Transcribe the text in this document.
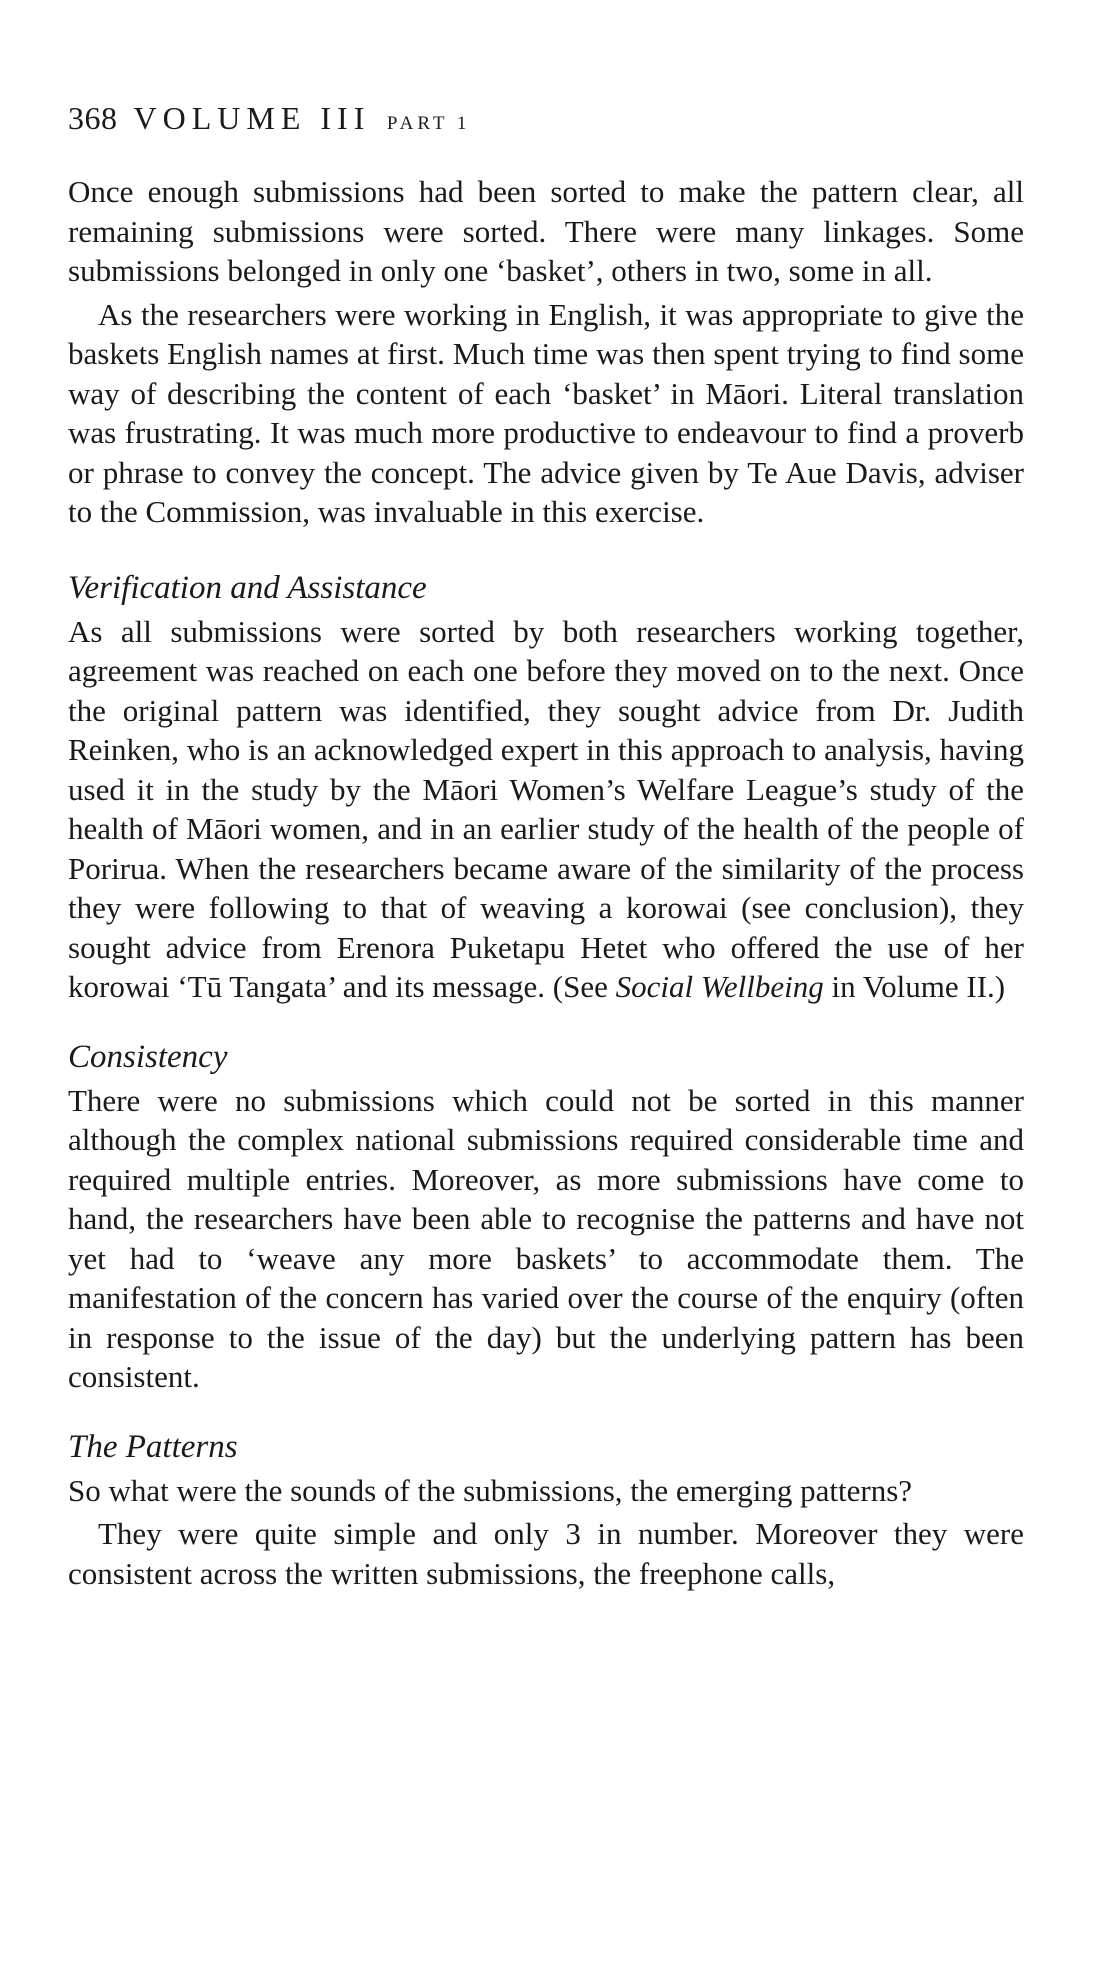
368 VOLUME III PART 1

Once enough submissions had been sorted to make the pattern clear, all remaining submissions were sorted. There were many linkages. Some submissions belonged in only one ‘basket’, others in two, some in all.

As the researchers were working in English, it was appropriate to give the baskets English names at first. Much time was then spent trying to find some way of describing the content of each ‘basket’ in Māori. Literal translation was frustrating. It was much more productive to endeavour to find a proverb or phrase to convey the concept. The advice given by Te Aue Davis, adviser to the Commission, was invaluable in this exercise.

Verification and Assistance

As all submissions were sorted by both researchers working together, agreement was reached on each one before they moved on to the next. Once the original pattern was identified, they sought advice from Dr. Judith Reinken, who is an acknowledged expert in this approach to analysis, having used it in the study by the Māori Women’s Welfare League’s study of the health of Māori women, and in an earlier study of the health of the people of Porirua. When the researchers became aware of the similarity of the process they were following to that of weaving a korowai (see conclusion), they sought advice from Erenora Puketapu Hetet who offered the use of her korowai ‘Tū Tangata’ and its message. (See Social Wellbeing in Volume II.)

Consistency

There were no submissions which could not be sorted in this manner although the complex national submissions required considerable time and required multiple entries. Moreover, as more submissions have come to hand, the researchers have been able to recognise the patterns and have not yet had to ‘weave any more baskets’ to accommodate them. The manifestation of the concern has varied over the course of the enquiry (often in response to the issue of the day) but the underlying pattern has been consistent.

The Patterns

So what were the sounds of the submissions, the emerging patterns?

They were quite simple and only 3 in number. Moreover they were consistent across the written submissions, the freephone calls,
